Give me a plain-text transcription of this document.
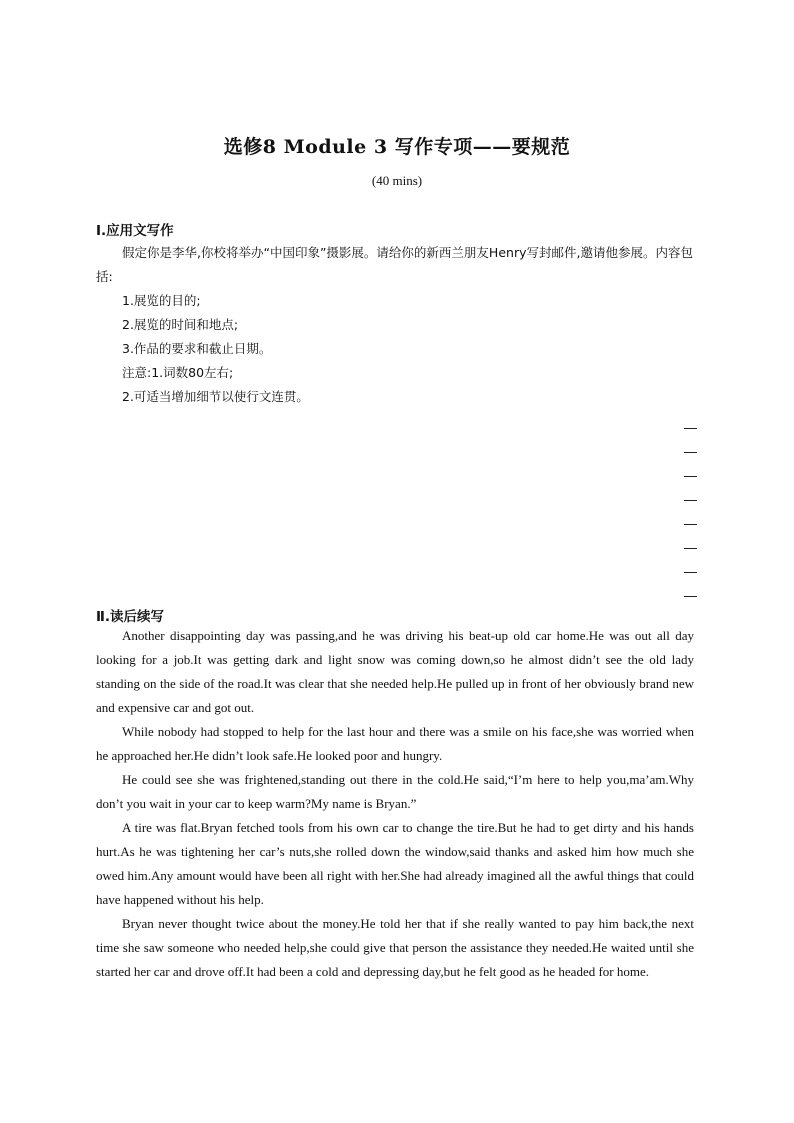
选修8 Module 3 写作专项——要规范
(40 mins)
Ⅰ.应用文写作

假定你是李华,你校将举办“中国印象”摄影展。请给你的新西兰朋友Henry写封邮件,邀请他参展。内容包括:

1.展览的目的;

2.展览的时间和地点;

3.作品的要求和截止日期。

注意:1.词数80左右;

2.可适当增加细节以使行文连贯。

Ⅱ.读后续写

Another disappointing day was passing,and he was driving his beat-up old car home.He was out all day looking for a job.It was getting dark and light snow was coming down,so he almost didn’t see the old lady standing on the side of the road.It was clear that she needed help.He pulled up in front of her obviously brand new and expensive car and got out.

While nobody had stopped to help for the last hour and there was a smile on his face,she was worried when he approached her.He didn’t look safe.He looked poor and hungry.

He could see she was frightened,standing out there in the cold.He said,“I’m here to help you,ma’am.Why don’t you wait in your car to keep warm?My name is Bryan.”

A tire was flat.Bryan fetched tools from his own car to change the tire.But he had to get dirty and his hands hurt.As he was tightening her car’s nuts,she rolled down the window,said thanks and asked him how much she owed him.Any amount would have been all right with her.She had already imagined all the awful things that could have happened without his help.

Bryan never thought twice about the money.He told her that if she really wanted to pay him back,the next time she saw someone who needed help,she could give that person the assistance they needed.He waited until she started her car and drove off.It had been a cold and depressing day,but he felt good as he headed for home.
